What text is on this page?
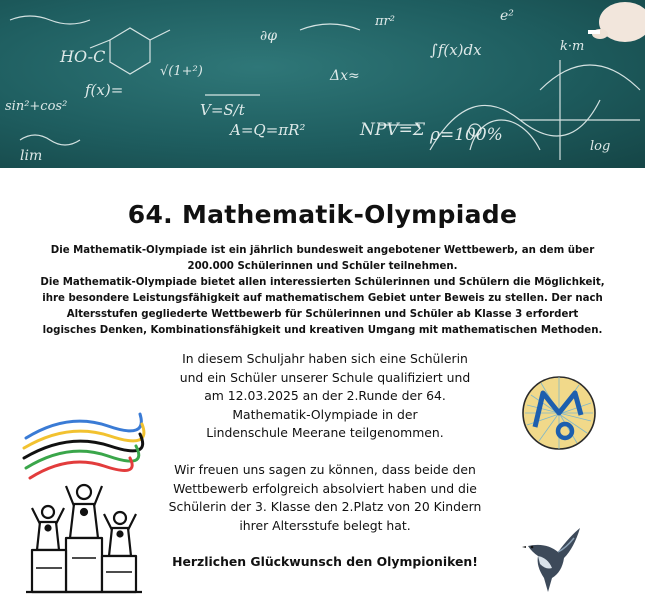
HO-C
f(x)=
A=Q=πR²	NPV=Σ ρ=100%
∂φ
V=S/t
Δx≈
∫f(x)dx
sin²+cos²
√(1+²)
lim
e²
πr²
k·m
log
64. Mathematik-Olympiade

Die Mathematik-Olympiade ist ein jährlich bundesweit angebotener Wettbewerb, an dem über 200.000 Schülerinnen und Schüler teilnehmen.

Die Mathematik-Olympiade bietet allen interessierten Schülerinnen und Schülern die Möglichkeit, ihre besondere Leistungsfähigkeit auf mathematischem Gebiet unter Beweis zu stellen. Der nach Altersstufen gegliederte Wettbewerb für Schülerinnen und Schüler ab Klasse 3 erfordert logisches Denken, Kombinationsfähigkeit und kreativen Umgang mit mathematischen Methoden.

In diesem Schuljahr haben sich eine Schülerin

und ein Schüler unserer Schule qualifiziert und

am 12.03.2025 an der 2.Runde der 64.

Mathematik-Olympiade in der

Lindenschule Meerane teilgenommen.

Wir freuen uns sagen zu können, dass beide den

Wettbewerb erfolgreich absolviert haben und die

Schülerin der 3. Klasse den 2.Platz von 20 Kindern

ihrer Altersstufe belegt hat.

Herzlichen Glückwunsch den Olympioniken!
